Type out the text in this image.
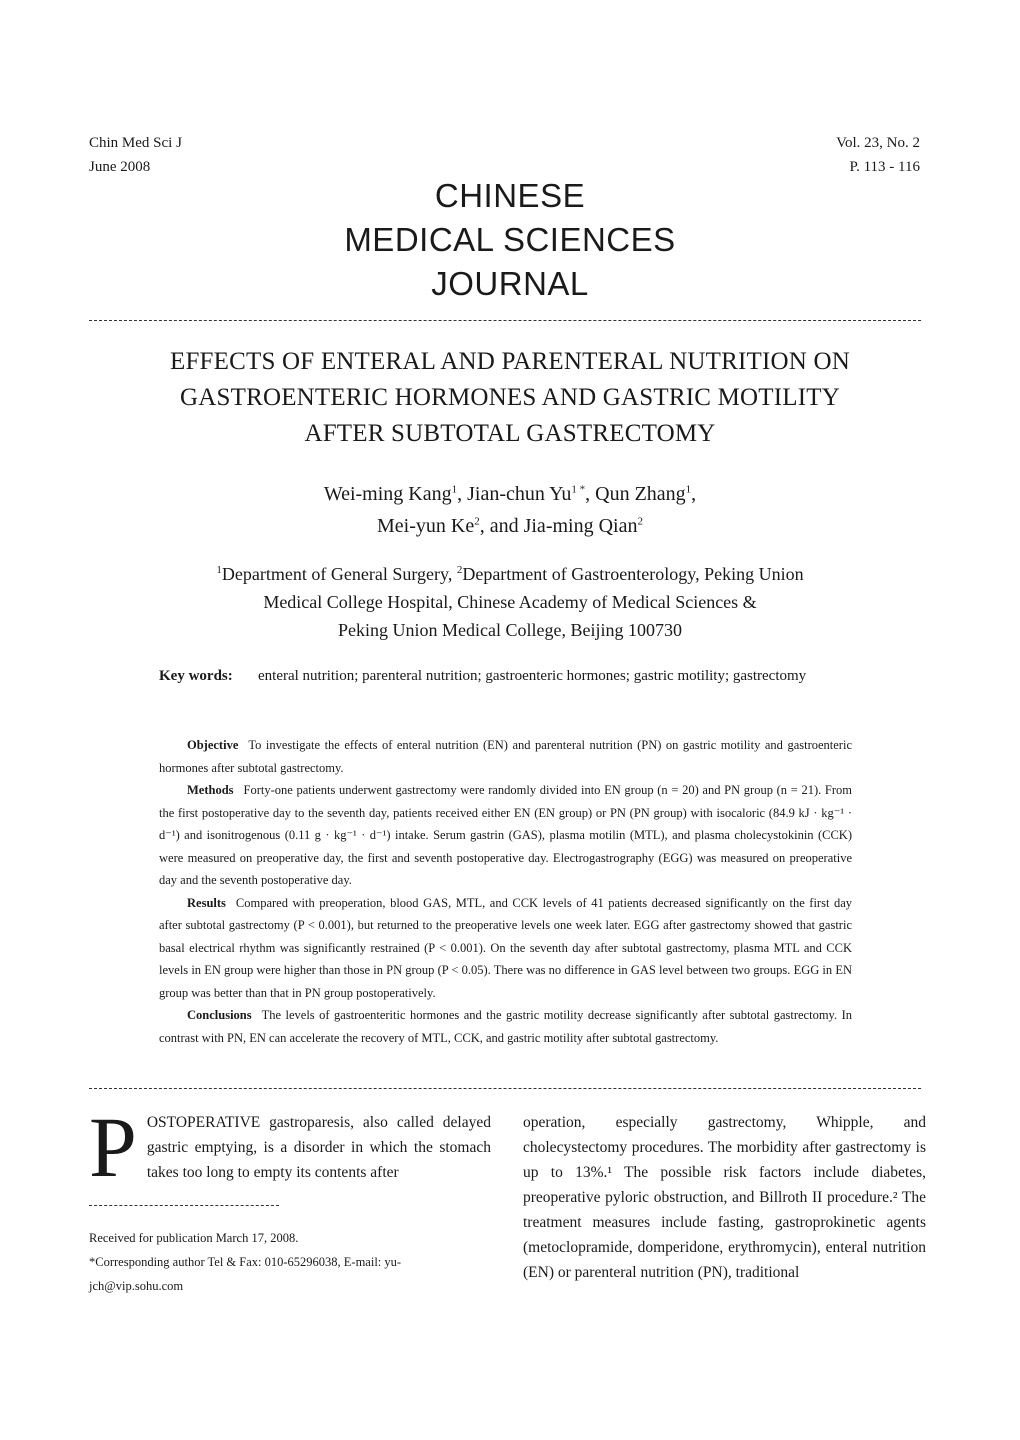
Chin Med Sci J
June 2008
Vol. 23, No. 2
P. 113 - 116
CHINESE
MEDICAL SCIENCES
JOURNAL
EFFECTS OF ENTERAL AND PARENTERAL NUTRITION ON
GASTROENTERIC HORMONES AND GASTRIC MOTILITY
AFTER SUBTOTAL GASTRECTOMY
Wei-ming Kang$^1$, Jian-chun $Yu^{1 *}$, Qun Zhang$^1$,
Mei-yun Ke$^2$, and Jia-ming Qian$^2$
$^1$Department of General Surgery, $^2$Department of Gastroenterology, Peking Union
Medical College Hospital, Chinese Academy of Medical Sciences &
Peking Union Medical College, Beijing 100730
Key words: enteral nutrition; parenteral nutrition; gastroenteric hormones; gastric motility; gastrectomy

Objective To investigate the effects of enteral nutrition (EN) and parenteral nutrition (PN) on gastric motility and gastroenteric hormones after subtotal gastrectomy.

Methods Forty-one patients underwent gastrectomy were randomly divided into EN group (n = 20) and PN group (n = 21). From the first postoperative day to the seventh day, patients received either EN (EN group) or PN (PN group) with isocaloric (84.9 kJ · kg⁻¹ · d⁻¹) and isonitrogenous (0.11 g · kg⁻¹ · d⁻¹) intake. Serum gastrin (GAS), plasma motilin (MTL), and plasma cholecystokinin (CCK) were measured on preoperative day, the first and seventh postoperative day. Electrogastrography (EGG) was measured on preoperative day and the seventh postoperative day.

Results Compared with preoperation, blood GAS, MTL, and CCK levels of 41 patients decreased significantly on the first day after subtotal gastrectomy (P < 0.001), but returned to the preoperative levels one week later. EGG after gastrectomy showed that gastric basal electrical rhythm was significantly restrained (P < 0.001). On the seventh day after subtotal gastrectomy, plasma MTL and CCK levels in EN group were higher than those in PN group (P < 0.05). There was no difference in GAS level between two groups. EGG in EN group was better than that in PN group postoperatively.

Conclusions The levels of gastroenteritic hormones and the gastric motility decrease significantly after subtotal gastrectomy. In contrast with PN, EN can accelerate the recovery of MTL, CCK, and gastric motility after subtotal gastrectomy.

P OSTOPERATIVE gastroparesis, also called delayed gastric emptying, is a disorder in which the stomach takes too long to empty its contents after

Received for publication March 17, 2008.

*Corresponding author Tel & Fax: 010-65296038, E-mail: yu-jch@vip.sohu.com

operation, especially gastrectomy, Whipple, and cholecystectomy procedures. The morbidity after gastrectomy is up to 13%.¹ The possible risk factors include diabetes, preoperative pyloric obstruction, and Billroth II procedure.² The treatment measures include fasting, gastroprokinetic agents (metoclopramide, domperidone, erythromycin), enteral nutrition (EN) or parenteral nutrition (PN), traditional
